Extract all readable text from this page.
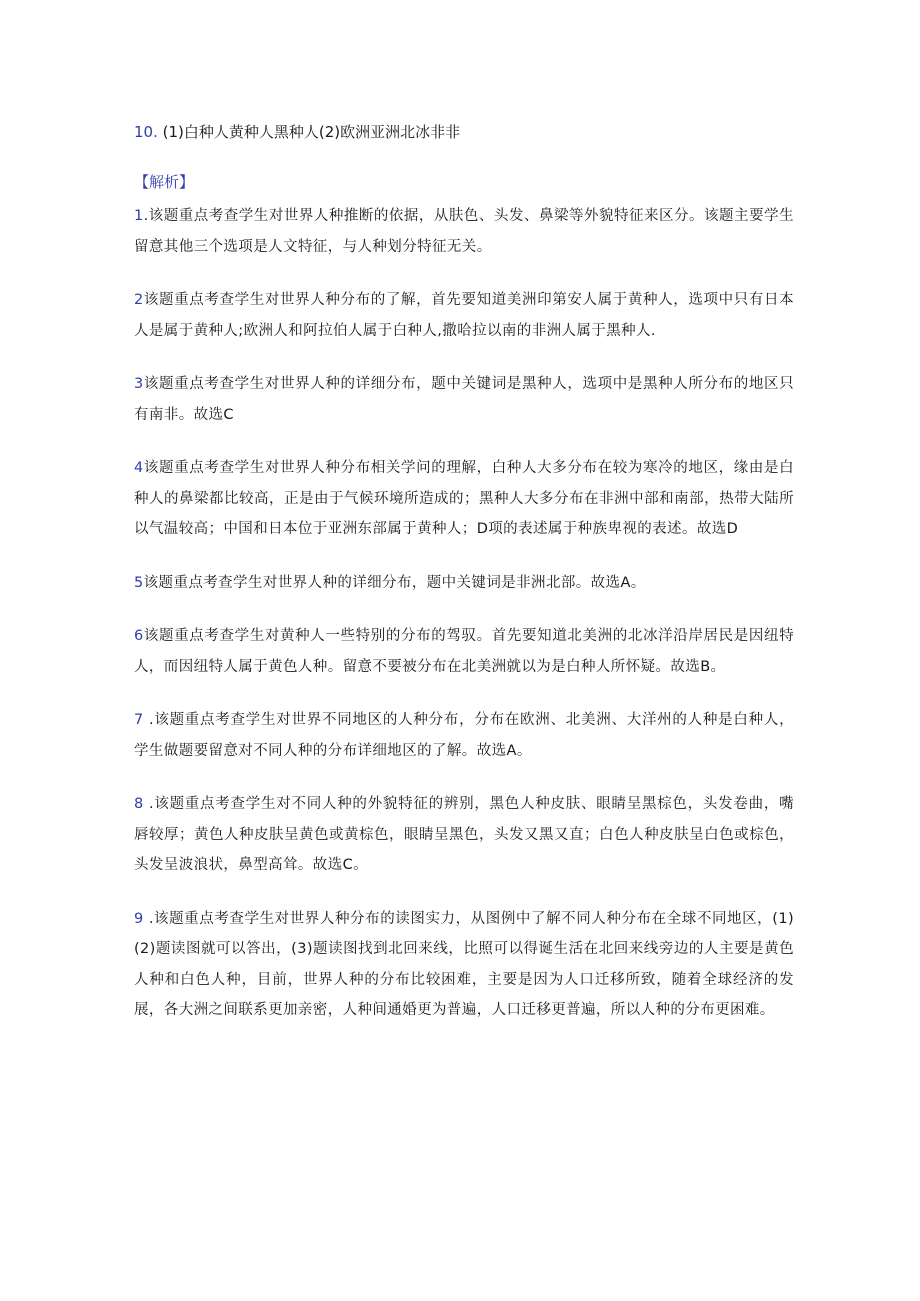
10. (1)白种人黄种人黑种人(2)欧洲亚洲北冰非非
【解析】
1.该题重点考查学生对世界人种推断的依据，从肤色、头发、鼻梁等外貌特征来区分。该题主要学生留意其他三个选项是人文特征，与人种划分特征无关。
2该题重点考查学生对世界人种分布的了解，首先要知道美洲印第安人属于黄种人，选项中只有日本人是属于黄种人;欧洲人和阿拉伯人属于白种人,撒哈拉以南的非洲人属于黑种人.
3该题重点考查学生对世界人种的详细分布，题中关键词是黑种人，选项中是黑种人所分布的地区只有南非。故选C
4该题重点考查学生对世界人种分布相关学问的理解，白种人大多分布在较为寒冷的地区，缘由是白种人的鼻梁都比较高，正是由于气候环境所造成的；黑种人大多分布在非洲中部和南部，热带大陆所以气温较高；中国和日本位于亚洲东部属于黄种人；D项的表述属于种族卑视的表述。故选D
5该题重点考查学生对世界人种的详细分布，题中关键词是非洲北部。故选A。
6该题重点考查学生对黄种人一些特别的分布的驾驭。首先要知道北美洲的北冰洋沿岸居民是因纽特人，而因纽特人属于黄色人种。留意不要被分布在北美洲就以为是白种人所怀疑。故选B。
7 .该题重点考查学生对世界不同地区的人种分布，分布在欧洲、北美洲、大洋州的人种是白种人，学生做题要留意对不同人种的分布详细地区的了解。故选A。
8 .该题重点考查学生对不同人种的外貌特征的辨别，黑色人种皮肤、眼睛呈黑棕色，头发卷曲，嘴唇较厚；黄色人种皮肤呈黄色或黄棕色，眼睛呈黑色，头发又黑又直；白色人种皮肤呈白色或棕色，头发呈波浪状，鼻型高耸。故选C。
9 .该题重点考查学生对世界人种分布的读图实力，从图例中了解不同人种分布在全球不同地区，(1)(2)题读图就可以答出，(3)题读图找到北回来线，比照可以得诞生活在北回来线旁边的人主要是黄色人种和白色人种，目前，世界人种的分布比较困难，主要是因为人口迁移所致，随着全球经济的发展，各大洲之间联系更加亲密，人种间通婚更为普遍，人口迁移更普遍，所以人种的分布更困难。
